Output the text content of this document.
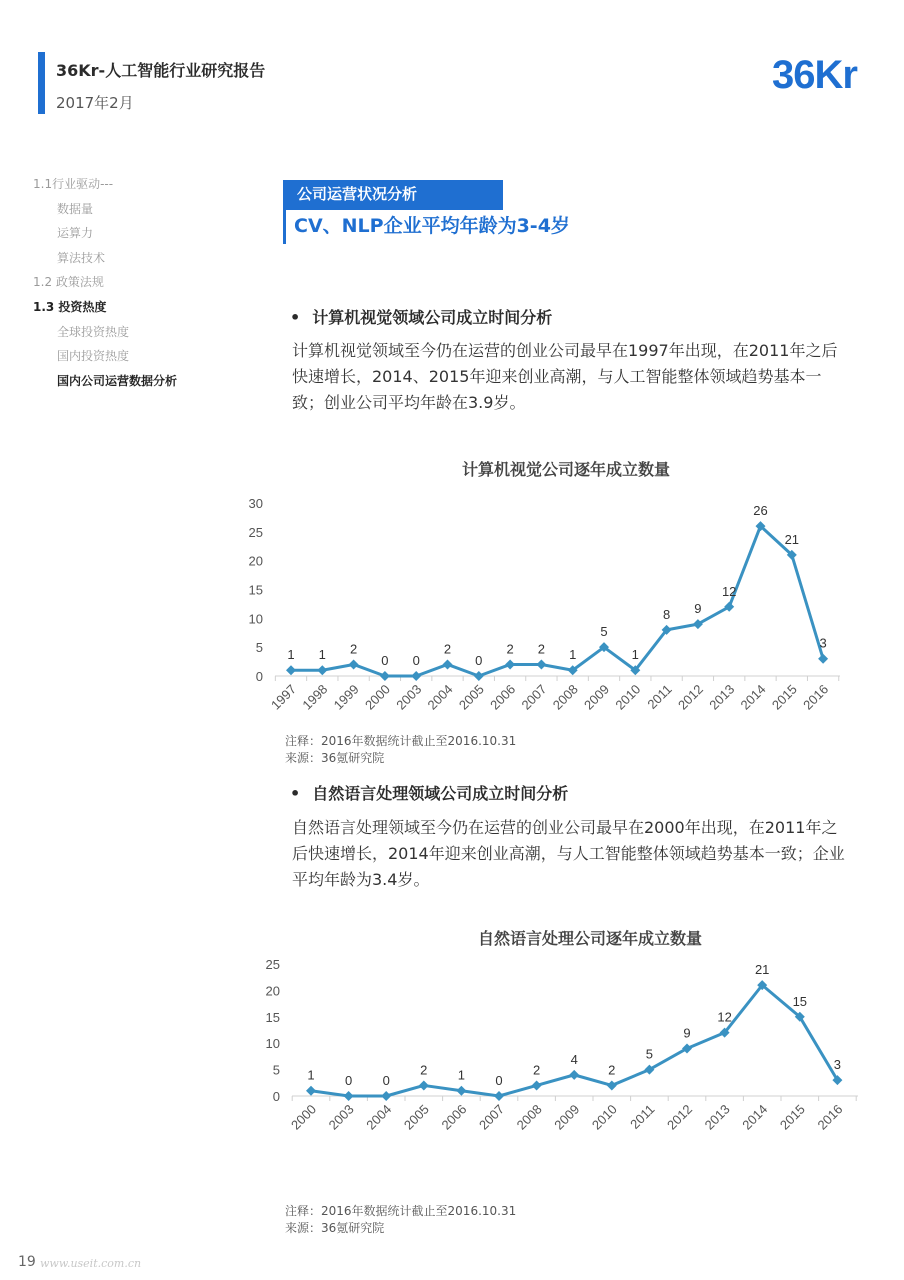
36Kr-人工智能行业研究报告
2017年2月
36Kr
1.1行业驱动---
数据量
运算力
算法技术
1.2 政策法规
1.3 投资热度
全球投资热度
国内投资热度
国内公司运营数据分析
公司运营状况分析
CV、NLP企业平均年龄为3-4岁
• 计算机视觉领域公司成立时间分析
计算机视觉领域至今仍在运营的创业公司最早在1997年出现，在2011年之后快速增长，2014、2015年迎来创业高潮，与人工智能整体领域趋势基本一致；创业公司平均年龄在3.9岁。
计算机视觉公司逐年成立数量
0
5
10
15
20
25
30
1997 1998 1999 2000 2003 2004 2005 2006 2007 2008 2009 2010 2011 2012 2013 2014 2015 2016
1 1 2
0 0
2
0
2 2 1
5
1
8 9
12
26
21
3
注释：2016年数据统计截止至2016.10.31
来源：36氪研究院
• 自然语言处理领域公司成立时间分析
自然语言处理领域至今仍在运营的创业公司最早在2000年出现，在2011年之后快速增长，2014年迎来创业高潮，与人工智能整体领域趋势基本一致；企业平均年龄为3.4岁。
自然语言处理公司逐年成立数量
0
5
10
15
20
25
2000 2003 2004 2005 2006 2007 2008 2009 2010 2011 2012 2013 2014 2015 2016
1 0 0
2 1 0
2
4
2
5
9
12
21
15
3
注释：2016年数据统计截止至2016.10.31
来源：36氪研究院
19 www.useit.com.cn
